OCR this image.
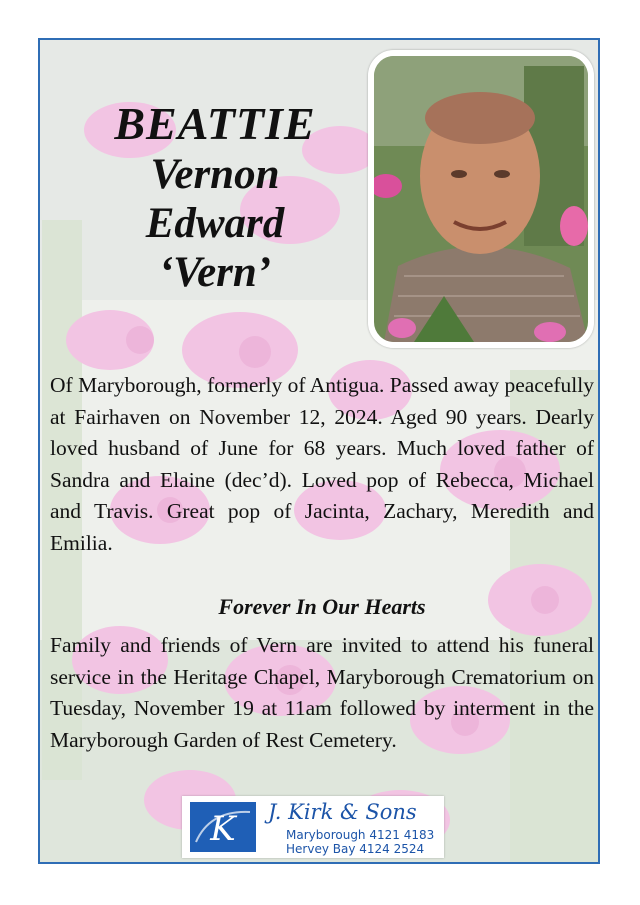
BEATTIE
Vernon
Edward
‘Vern’
Of Maryborough, formerly of Antigua. Passed away peacefully at Fairhaven on November 12, 2024. Aged 90 years. Dearly loved husband of June for 68 years. Much loved father of Sandra and Elaine (dec’d). Loved pop of Rebecca, Michael and Travis. Great pop of Jacinta, Zachary, Meredith and Emilia.
Forever In Our Hearts
Family and friends of Vern are invited to attend his funeral service in the Heritage Chapel, Maryborough Crematorium on Tuesday, November 19 at 11am followed by interment in the Maryborough Garden of Rest Cemetery.
K J. Kirk & Sons
Maryborough 4121 4183
Hervey Bay 4124 2524
